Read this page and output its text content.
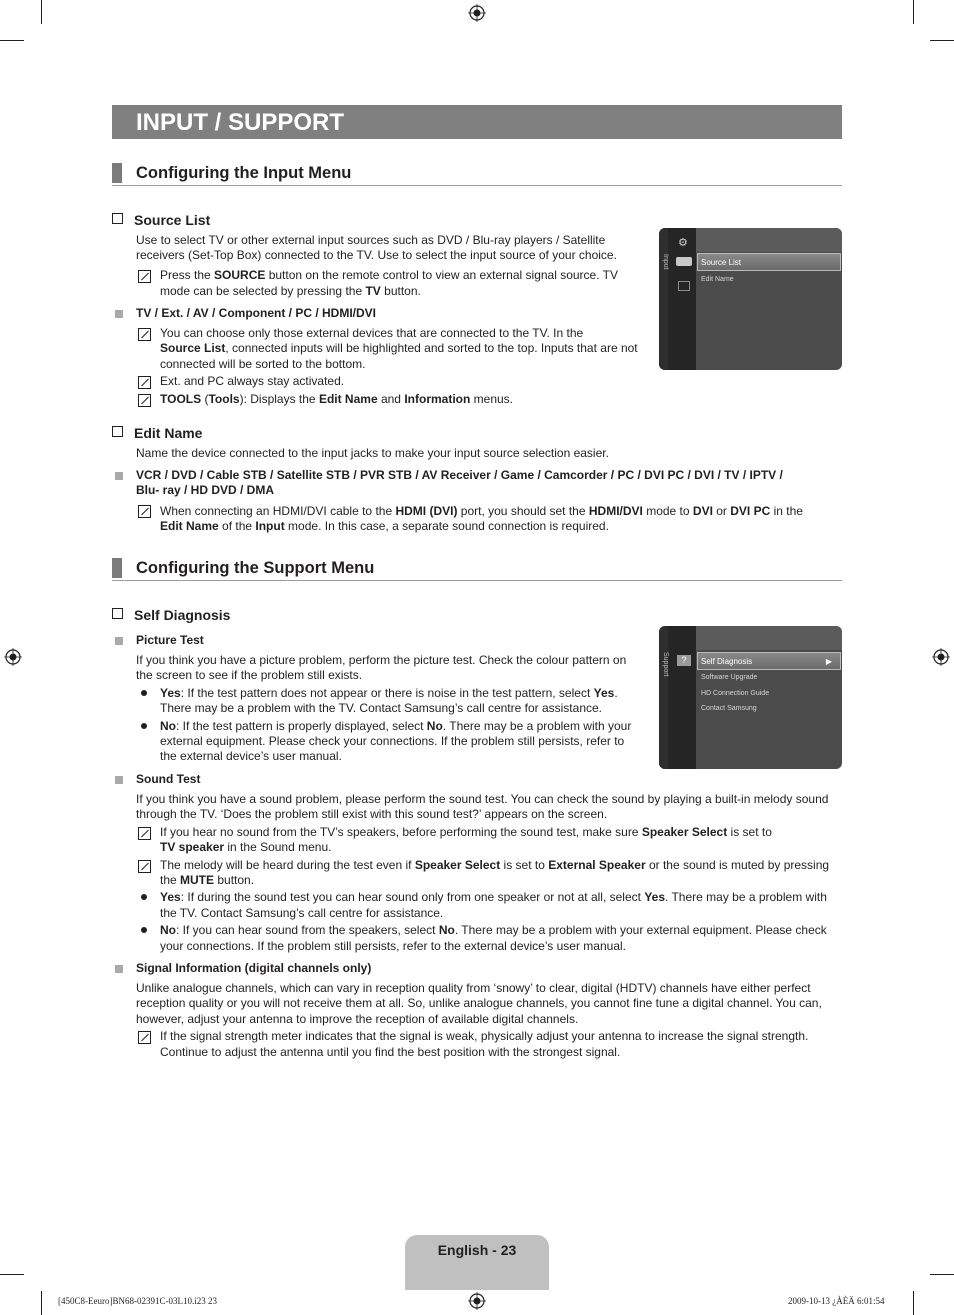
INPUT / SUPPORT
Configuring the Input Menu
Source List
Use to select TV or other external input sources such as DVD / Blu-ray players / Satellite
receivers (Set-Top Box) connected to the TV. Use to select the input source of your choice.
Press the SOURCE button on the remote control to view an external signal source. TV
mode can be selected by pressing the TV button.
TV / Ext. / AV / Component / PC / HDMI/DVI
You can choose only those external devices that are connected to the TV. In the
Source List, connected inputs will be highlighted and sorted to the top. Inputs that are not
connected will be sorted to the bottom.
Ext. and PC always stay activated.
TOOLS (Tools): Displays the Edit Name and Information menus.
Input
⚙
Source List
Edit Name
Edit Name
Name the device connected to the input jacks to make your input source selection easier.
VCR / DVD / Cable STB / Satellite STB / PVR STB / AV Receiver / Game / Camcorder / PC / DVI PC / DVI / TV / IPTV /
Blu- ray / HD DVD / DMA
When connecting an HDMI/DVI cable to the HDMI (DVI) port, you should set the HDMI/DVI mode to DVI or DVI PC in the
Edit Name of the Input mode. In this case, a separate sound connection is required.
Configuring the Support Menu
Self Diagnosis
Picture Test
If you think you have a picture problem, perform the picture test. Check the colour pattern on
the screen to see if the problem still exists.
Yes: If the test pattern does not appear or there is noise in the test pattern, select Yes.
There may be a problem with the TV. Contact Samsung’s call centre for assistance.
No: If the test pattern is properly displayed, select No. There may be a problem with your
external equipment. Please check your connections. If the problem still persists, refer to
the external device’s user manual.
Support	?	Self Diagnosis	▶
Software Upgrade
HD Connection Guide
Contact Samsung
Sound Test
If you think you have a sound problem, please perform the sound test. You can check the sound by playing a built-in melody sound
through the TV. ‘Does the problem still exist with this sound test?’ appears on the screen.
If you hear no sound from the TV’s speakers, before performing the sound test, make sure Speaker Select is set to
TV speaker in the Sound menu.
The melody will be heard during the test even if Speaker Select is set to External Speaker or the sound is muted by pressing
the MUTE button.
Yes: If during the sound test you can hear sound only from one speaker or not at all, select Yes. There may be a problem with
the TV. Contact Samsung’s call centre for assistance.
No: If you can hear sound from the speakers, select No. There may be a problem with your external equipment. Please check
your connections. If the problem still persists, refer to the external device’s user manual.
Signal Information (digital channels only)
Unlike analogue channels, which can vary in reception quality from ‘snowy’ to clear, digital (HDTV) channels have either perfect
reception quality or you will not receive them at all. So, unlike analogue channels, you cannot fine tune a digital channel. You can,
however, adjust your antenna to improve the reception of available digital channels.
If the signal strength meter indicates that the signal is weak, physically adjust your antenna to increase the signal strength.
Continue to adjust the antenna until you find the best position with the strongest signal.
English - 23
[450C8-Eeuro]BN68-02391C-03L10.i23 23	2009-10-13 ¿ÀÈÄ 6:01:54
